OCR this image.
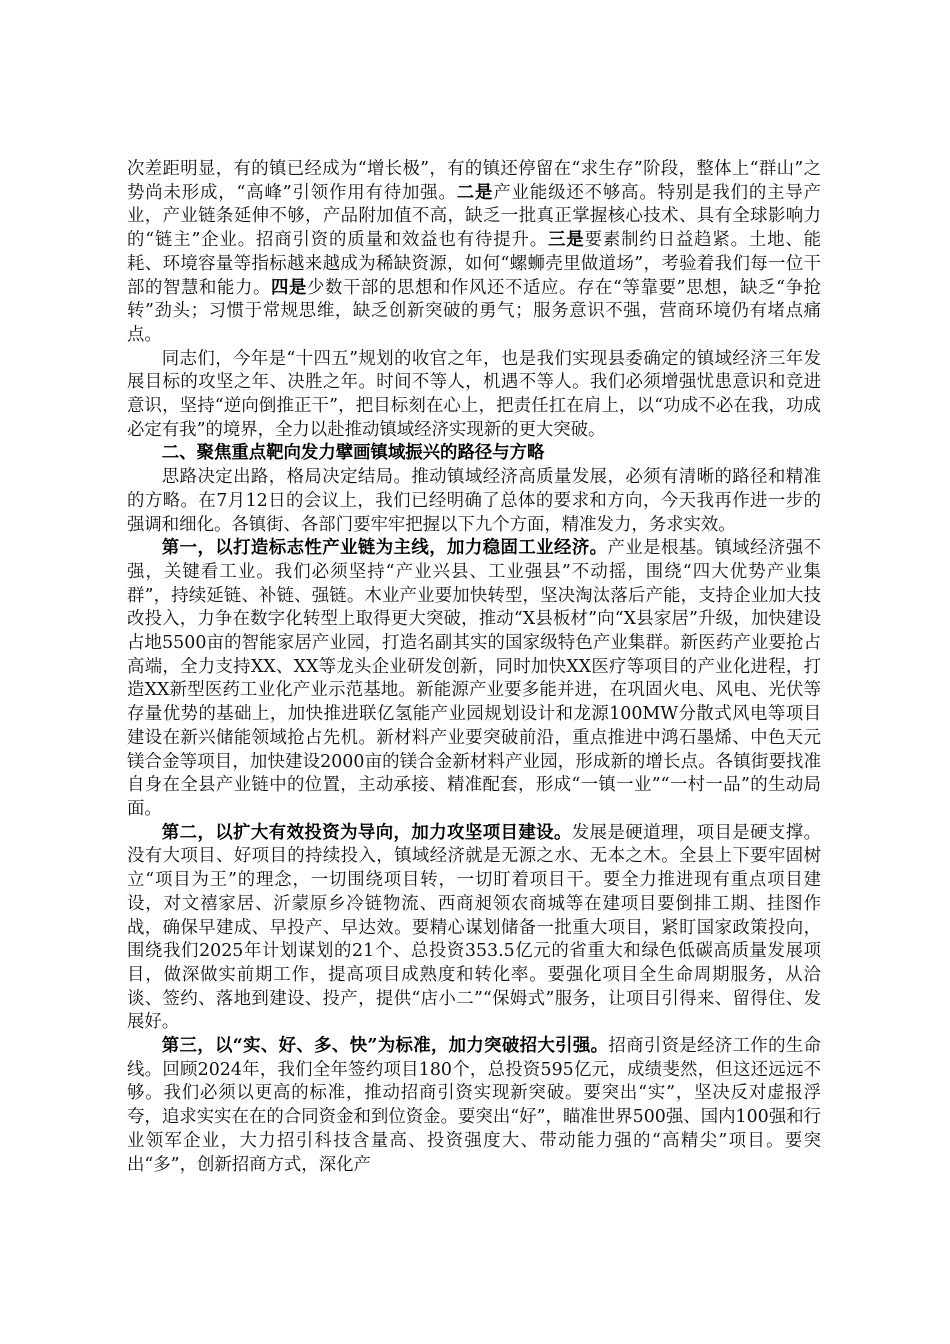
次差距明显，有的镇已经成为“增长极”，有的镇还停留在“求生存”阶段，整体上“群山”之势尚未形成，“高峰”引领作用有待加强。二是产业能级还不够高。特别是我们的主导产业，产业链条延伸不够，产品附加值不高，缺乏一批真正掌握核心技术、具有全球影响力的“链主”企业。招商引资的质量和效益也有待提升。三是要素制约日益趋紧。土地、能耗、环境容量等指标越来越成为稀缺资源，如何“螺蛳壳里做道场”，考验着我们每一位干部的智慧和能力。四是少数干部的思想和作风还不适应。存在“等靠要”思想，缺乏“争抢转”劲头；习惯于常规思维，缺乏创新突破的勇气；服务意识不强，营商环境仍有堵点痛点。

同志们，今年是“十四五”规划的收官之年，也是我们实现县委确定的镇域经济三年发展目标的攻坚之年、决胜之年。时间不等人，机遇不等人。我们必须增强忧患意识和竞进意识，坚持“逆向倒推正干”，把目标刻在心上，把责任扛在肩上，以“功成不必在我，功成必定有我”的境界，全力以赴推动镇域经济实现新的更大突破。

二、聚焦重点靶向发力擘画镇域振兴的路径与方略

思路决定出路，格局决定结局。推动镇域经济高质量发展，必须有清晰的路径和精准的方略。在7月12日的会议上，我们已经明确了总体的要求和方向，今天我再作进一步的强调和细化。各镇街、各部门要牢牢把握以下九个方面，精准发力，务求实效。

第一，以打造标志性产业链为主线，加力稳固工业经济。产业是根基。镇域经济强不强，关键看工业。我们必须坚持“产业兴县、工业强县”不动摇，围绕“四大优势产业集群”，持续延链、补链、强链。木业产业要加快转型，坚决淘汰落后产能，支持企业加大技改投入，力争在数字化转型上取得更大突破，推动“X县板材”向“X县家居”升级，加快建设占地5500亩的智能家居产业园，打造名副其实的国家级特色产业集群。新医药产业要抢占高端，全力支持XX、XX等龙头企业研发创新，同时加快XX医疗等项目的产业化进程，打造XX新型医药工业化产业示范基地。新能源产业要多能并进，在巩固火电、风电、光伏等存量优势的基础上，加快推进联亿氢能产业园规划设计和龙源100MW分散式风电等项目建设在新兴储能领域抢占先机。新材料产业要突破前沿，重点推进中鸿石墨烯、中色天元镁合金等项目，加快建设2000亩的镁合金新材料产业园，形成新的增长点。各镇街要找准自身在全县产业链中的位置，主动承接、精准配套，形成“一镇一业”“一村一品”的生动局面。

第二，以扩大有效投资为导向，加力攻坚项目建设。发展是硬道理，项目是硬支撑。没有大项目、好项目的持续投入，镇域经济就是无源之水、无本之木。全县上下要牢固树立“项目为王”的理念，一切围绕项目转，一切盯着项目干。要全力推进现有重点项目建设，对文禧家居、沂蒙原乡冷链物流、西商昶领农商城等在建项目要倒排工期、挂图作战，确保早建成、早投产、早达效。要精心谋划储备一批重大项目，紧盯国家政策投向，围绕我们2025年计划谋划的21个、总投资353.5亿元的省重大和绿色低碳高质量发展项目，做深做实前期工作，提高项目成熟度和转化率。要强化项目全生命周期服务，从洽谈、签约、落地到建设、投产，提供“店小二”“保姆式”服务，让项目引得来、留得住、发展好。

第三，以“实、好、多、快”为标准，加力突破招大引强。招商引资是经济工作的生命线。回顾2024年，我们全年签约项目180个，总投资595亿元，成绩斐然，但这还远远不够。我们必须以更高的标准，推动招商引资实现新突破。要突出“实”，坚决反对虚报浮夸，追求实实在在的合同资金和到位资金。要突出“好”，瞄准世界500强、国内100强和行业领军企业，大力招引科技含量高、投资强度大、带动能力强的“高精尖”项目。要突出“多”，创新招商方式，深化产
